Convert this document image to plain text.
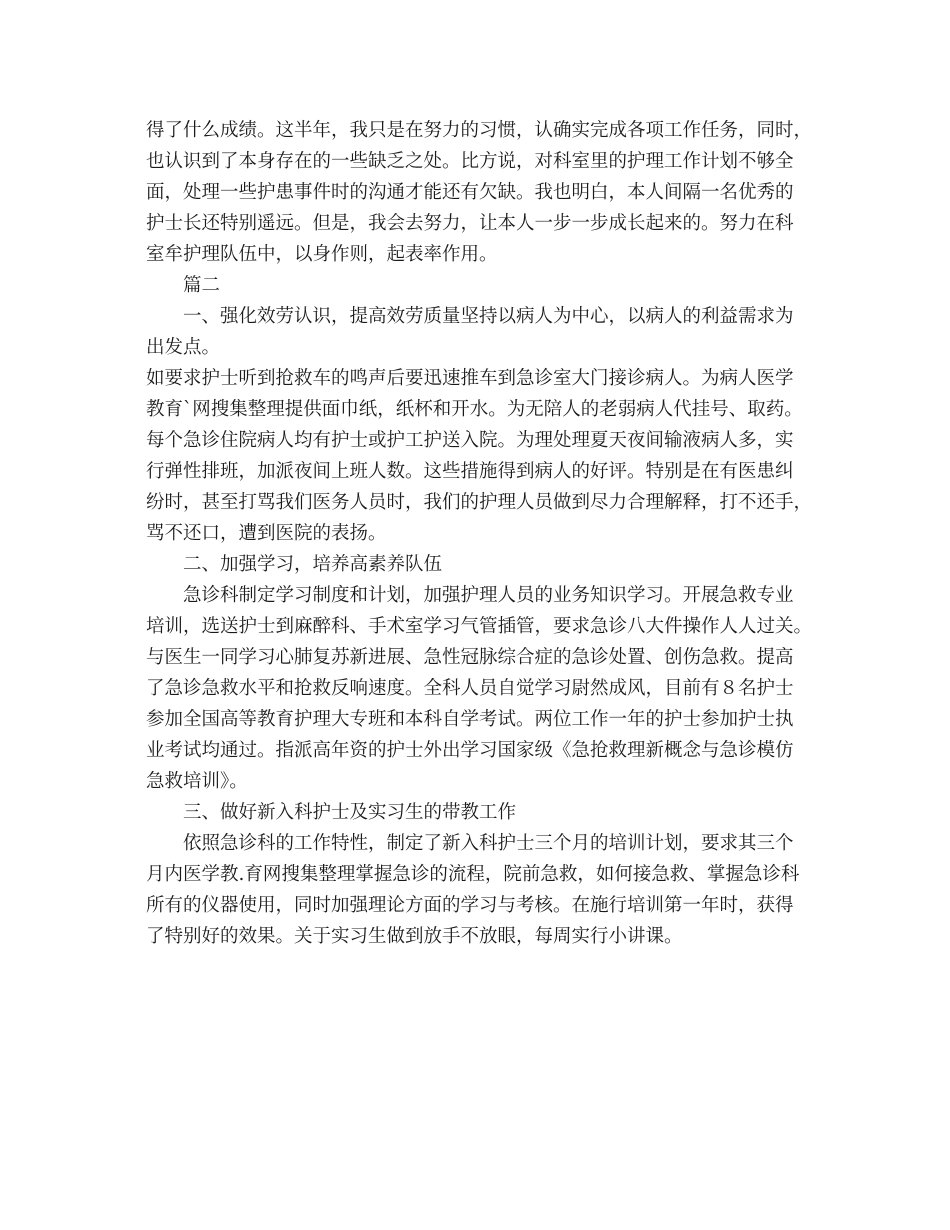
得了什么成绩。这半年，我只是在努力的习惯，认确实完成各项工作任务，同时，
也认识到了本身存在的一些缺乏之处。比方说，对科室里的护理工作计划不够全
面，处理一些护患事件时的沟通才能还有欠缺。我也明白，本人间隔一名优秀的
护士长还特别遥远。但是，我会去努力，让本人一步一步成长起来的。努力在科
室牟护理队伍中，以身作则，起表率作用。
篇二
一、强化效劳认识，提高效劳质量坚持以病人为中心，以病人的利益需求为
出发点。
如要求护士听到抢救车的鸣声后要迅速推车到急诊室大门接诊病人。为病人医学
教育`网搜集整理提供面巾纸，纸杯和开水。为无陪人的老弱病人代挂号、取药。
每个急诊住院病人均有护士或护工护送入院。为理处理夏天夜间输液病人多，实
行弹性排班，加派夜间上班人数。这些措施得到病人的好评。特别是在有医患纠
纷时，甚至打骂我们医务人员时，我们的护理人员做到尽力合理解释，打不还手，
骂不还口，遭到医院的表扬。
二、加强学习，培养高素养队伍
急诊科制定学习制度和计划，加强护理人员的业务知识学习。开展急救专业
培训，选送护士到麻醉科、手术室学习气管插管，要求急诊八大件操作人人过关。
与医生一同学习心肺复苏新进展、急性冠脉综合症的急诊处置、创伤急救。提高
了急诊急救水平和抢救反响速度。全科人员自觉学习尉然成风，目前有８名护士
参加全国高等教育护理大专班和本科自学考试。两位工作一年的护士参加护士执
业考试均通过。指派高年资的护士外出学习国家级《急抢救理新概念与急诊模仿
急救培训》。
三、做好新入科护士及实习生的带教工作
依照急诊科的工作特性，制定了新入科护士三个月的培训计划，要求其三个
月内医学教.育网搜集整理掌握急诊的流程，院前急救，如何接急救、掌握急诊科
所有的仪器使用，同时加强理论方面的学习与考核。在施行培训第一年时，获得
了特别好的效果。关于实习生做到放手不放眼，每周实行小讲课。
